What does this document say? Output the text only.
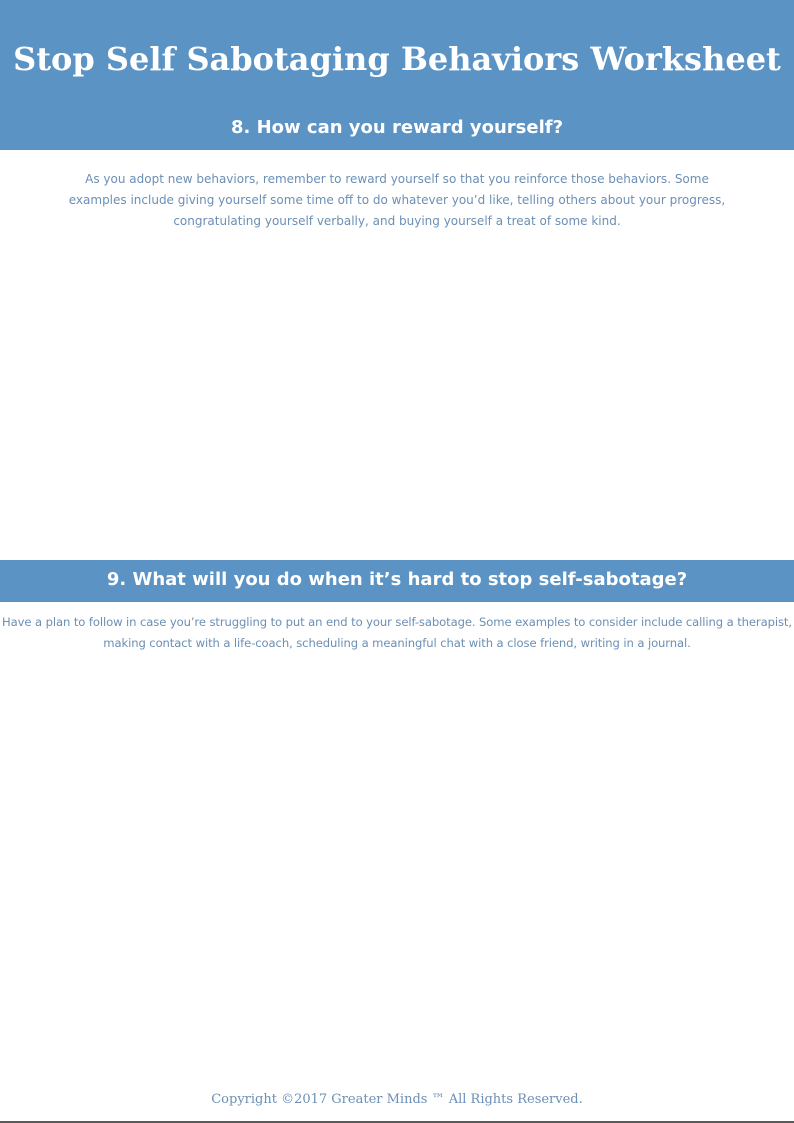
Stop Self Sabotaging Behaviors Worksheet
8. How can you reward yourself?

As you adopt new behaviors, remember to reward yourself so that you reinforce those behaviors. Some examples include giving yourself some time off to do whatever you’d like, telling others about your progress, congratulating yourself verbally, and buying yourself a treat of some kind.

9. What will you do when it’s hard to stop self-sabotage?

Have a plan to follow in case you’re struggling to put an end to your self-sabotage. Some examples to consider include calling a therapist, making contact with a life-coach, scheduling a meaningful chat with a close friend, writing in a journal.

Copyright ©2017 Greater Minds ™ All Rights Reserved.
